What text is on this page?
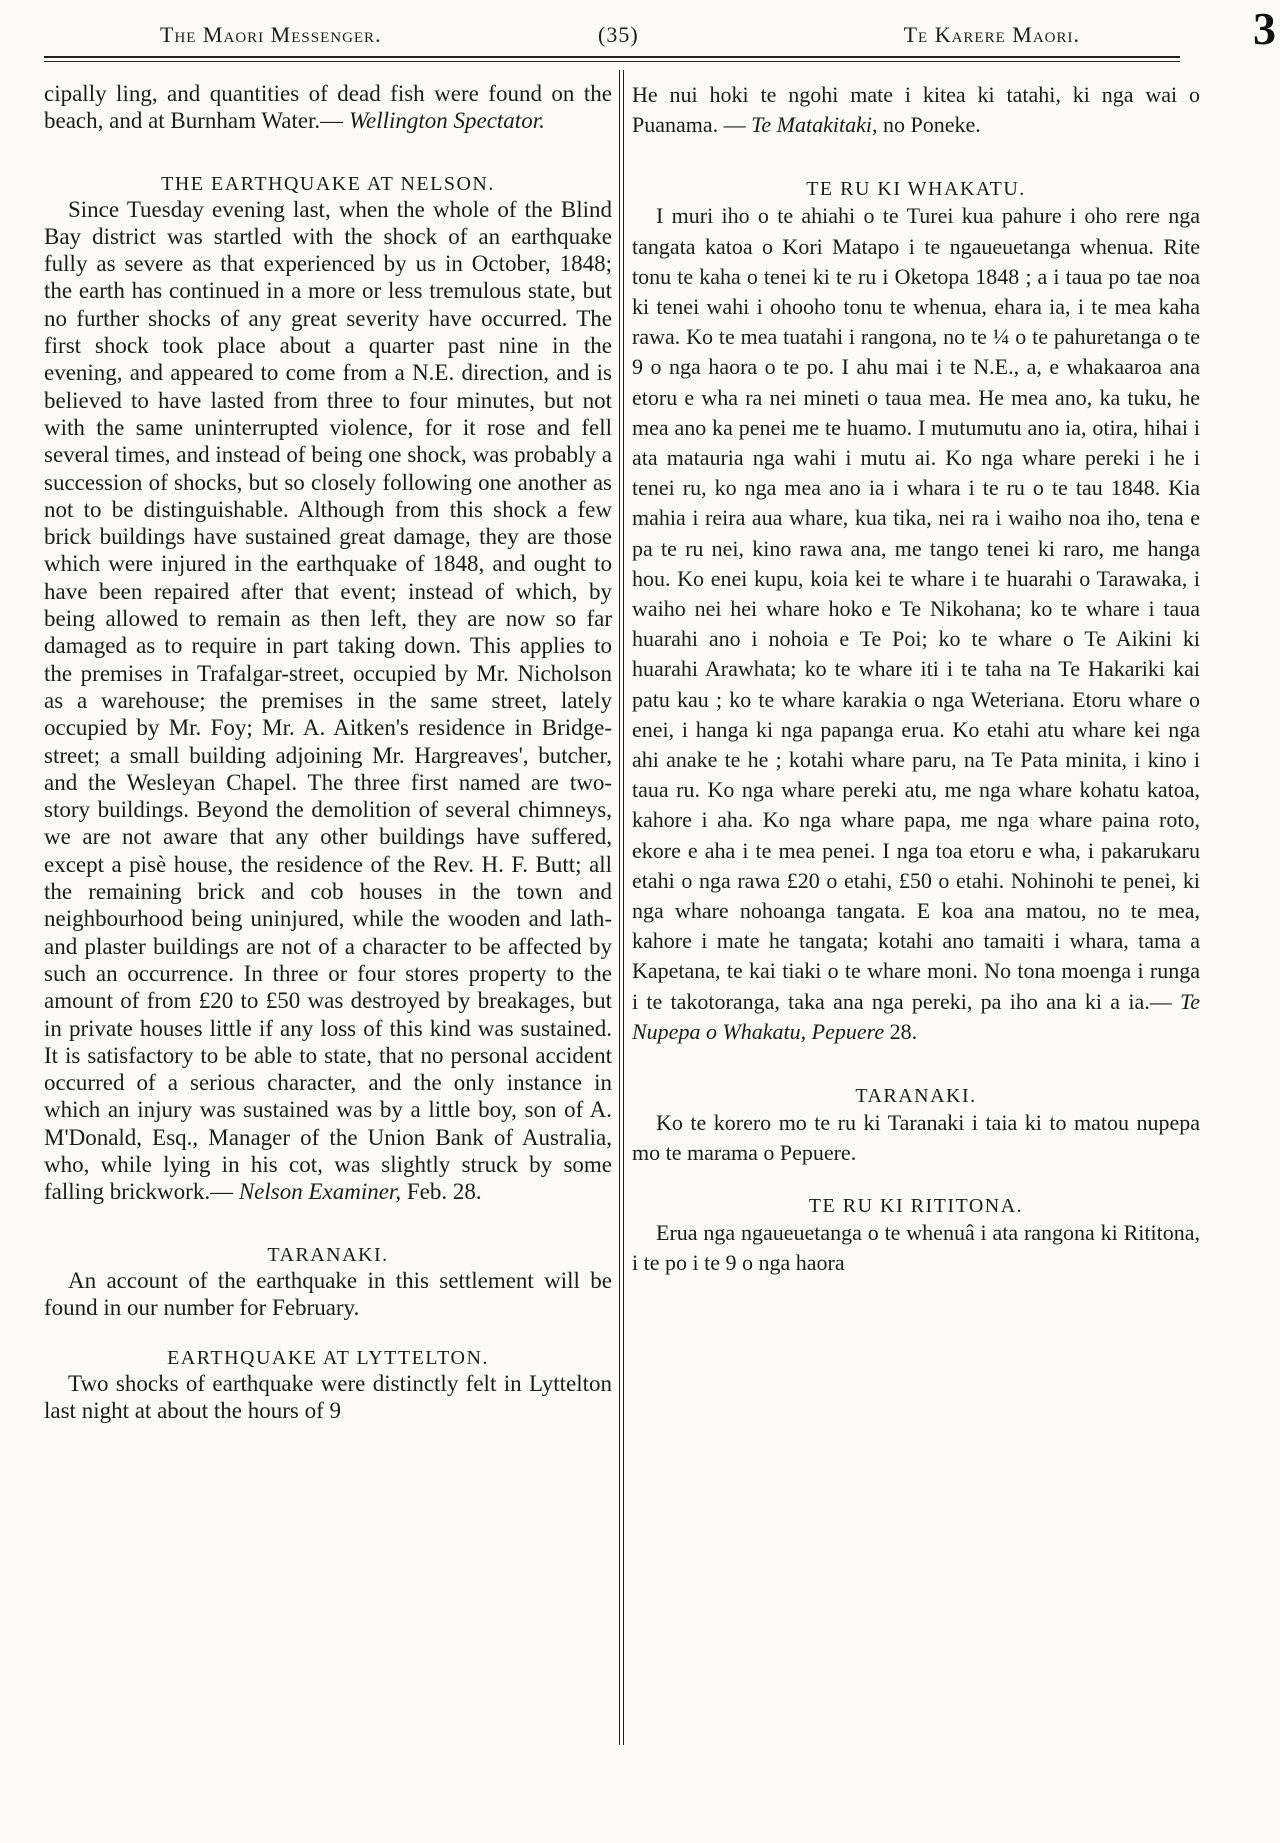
The Maori Messenger.	(35)	Te Karere Maori.	3

cipally ling, and quantities of dead fish were found on the beach, and at Burnham Water.— Wellington Spectator.

THE EARTHQUAKE AT NELSON.

Since Tuesday evening last, when the whole of the Blind Bay district was startled with the shock of an earthquake fully as severe as that experienced by us in October, 1848; the earth has continued in a more or less tremulous state, but no further shocks of any great severity have occurred. The first shock took place about a quarter past nine in the evening, and appeared to come from a N.E. direction, and is believed to have lasted from three to four minutes, but not with the same uninterrupted violence, for it rose and fell several times, and instead of being one shock, was probably a succession of shocks, but so closely following one another as not to be distinguishable. Although from this shock a few brick buildings have sustained great damage, they are those which were injured in the earthquake of 1848, and ought to have been repaired after that event; instead of which, by being allowed to remain as then left, they are now so far damaged as to require in part taking down. This applies to the premises in Trafalgar-street, occupied by Mr. Nicholson as a warehouse; the premises in the same street, lately occupied by Mr. Foy; Mr. A. Aitken's residence in Bridge-street; a small building adjoining Mr. Hargreaves', butcher, and the Wesleyan Chapel. The three first named are two-story buildings. Beyond the demolition of several chimneys, we are not aware that any other buildings have suffered, except a pisè house, the residence of the Rev. H. F. Butt; all the remaining brick and cob houses in the town and neighbourhood being uninjured, while the wooden and lath-and plaster buildings are not of a character to be affected by such an occurrence. In three or four stores property to the amount of from £20 to £50 was destroyed by breakages, but in private houses little if any loss of this kind was sustained. It is satisfactory to be able to state, that no personal accident occurred of a serious character, and the only instance in which an injury was sustained was by a little boy, son of A. M'Donald, Esq., Manager of the Union Bank of Australia, who, while lying in his cot, was slightly struck by some falling brickwork.— Nelson Examiner, Feb. 28.

TARANAKI.

An account of the earthquake in this settlement will be found in our number for February.

EARTHQUAKE AT LYTTELTON.

Two shocks of earthquake were distinctly felt in Lyttelton last night at about the hours of 9

He nui hoki te ngohi mate i kitea ki tatahi, ki nga wai o Puanama. — Te Matakitaki, no Poneke.

TE RU KI WHAKATU.

I muri iho o te ahiahi o te Turei kua pahure i oho rere nga tangata katoa o Kori Matapo i te ngaueuetanga whenua. Rite tonu te kaha o tenei ki te ru i Oketopa 1848 ; a i taua po tae noa ki tenei wahi i ohooho tonu te whenua, ehara ia, i te mea kaha rawa. Ko te mea tuatahi i rangona, no te ¼ o te pahuretanga o te 9 o nga haora o te po. I ahu mai i te N.E., a, e whakaaroa ana etoru e wha ra nei mineti o taua mea. He mea ano, ka tuku, he mea ano ka penei me te huamo. I mutumutu ano ia, otira, hihai i ata matauria nga wahi i mutu ai. Ko nga whare pereki i he i tenei ru, ko nga mea ano ia i whara i te ru o te tau 1848. Kia mahia i reira aua whare, kua tika, nei ra i waiho noa iho, tena e pa te ru nei, kino rawa ana, me tango tenei ki raro, me hanga hou. Ko enei kupu, koia kei te whare i te huarahi o Tarawaka, i waiho nei hei whare hoko e Te Nikohana; ko te whare i taua huarahi ano i nohoia e Te Poi; ko te whare o Te Aikini ki huarahi Arawhata; ko te whare iti i te taha na Te Hakariki kai patu kau ; ko te whare karakia o nga Weteriana. Etoru whare o enei, i hanga ki nga papanga erua. Ko etahi atu whare kei nga ahi anake te he ; kotahi whare paru, na Te Pata minita, i kino i taua ru. Ko nga whare pereki atu, me nga whare kohatu katoa, kahore i aha. Ko nga whare papa, me nga whare paina roto, ekore e aha i te mea penei. I nga toa etoru e wha, i pakarukaru etahi o nga rawa £20 o etahi, £50 o etahi. Nohinohi te penei, ki nga whare nohoanga tangata. E koa ana matou, no te mea, kahore i mate he tangata; kotahi ano tamaiti i whara, tama a Kapetana, te kai tiaki o te whare moni. No tona moenga i runga i te takotoranga, taka ana nga pereki, pa iho ana ki a ia.— Te Nupepa o Whakatu, Pepuere 28.

TARANAKI.

Ko te korero mo te ru ki Taranaki i taia ki to matou nupepa mo te marama o Pepuere.

TE RU KI RITITONA.

Erua nga ngaueuetanga o te whenuâ i ata rangona ki Rititona, i te po i te 9 o nga haora
